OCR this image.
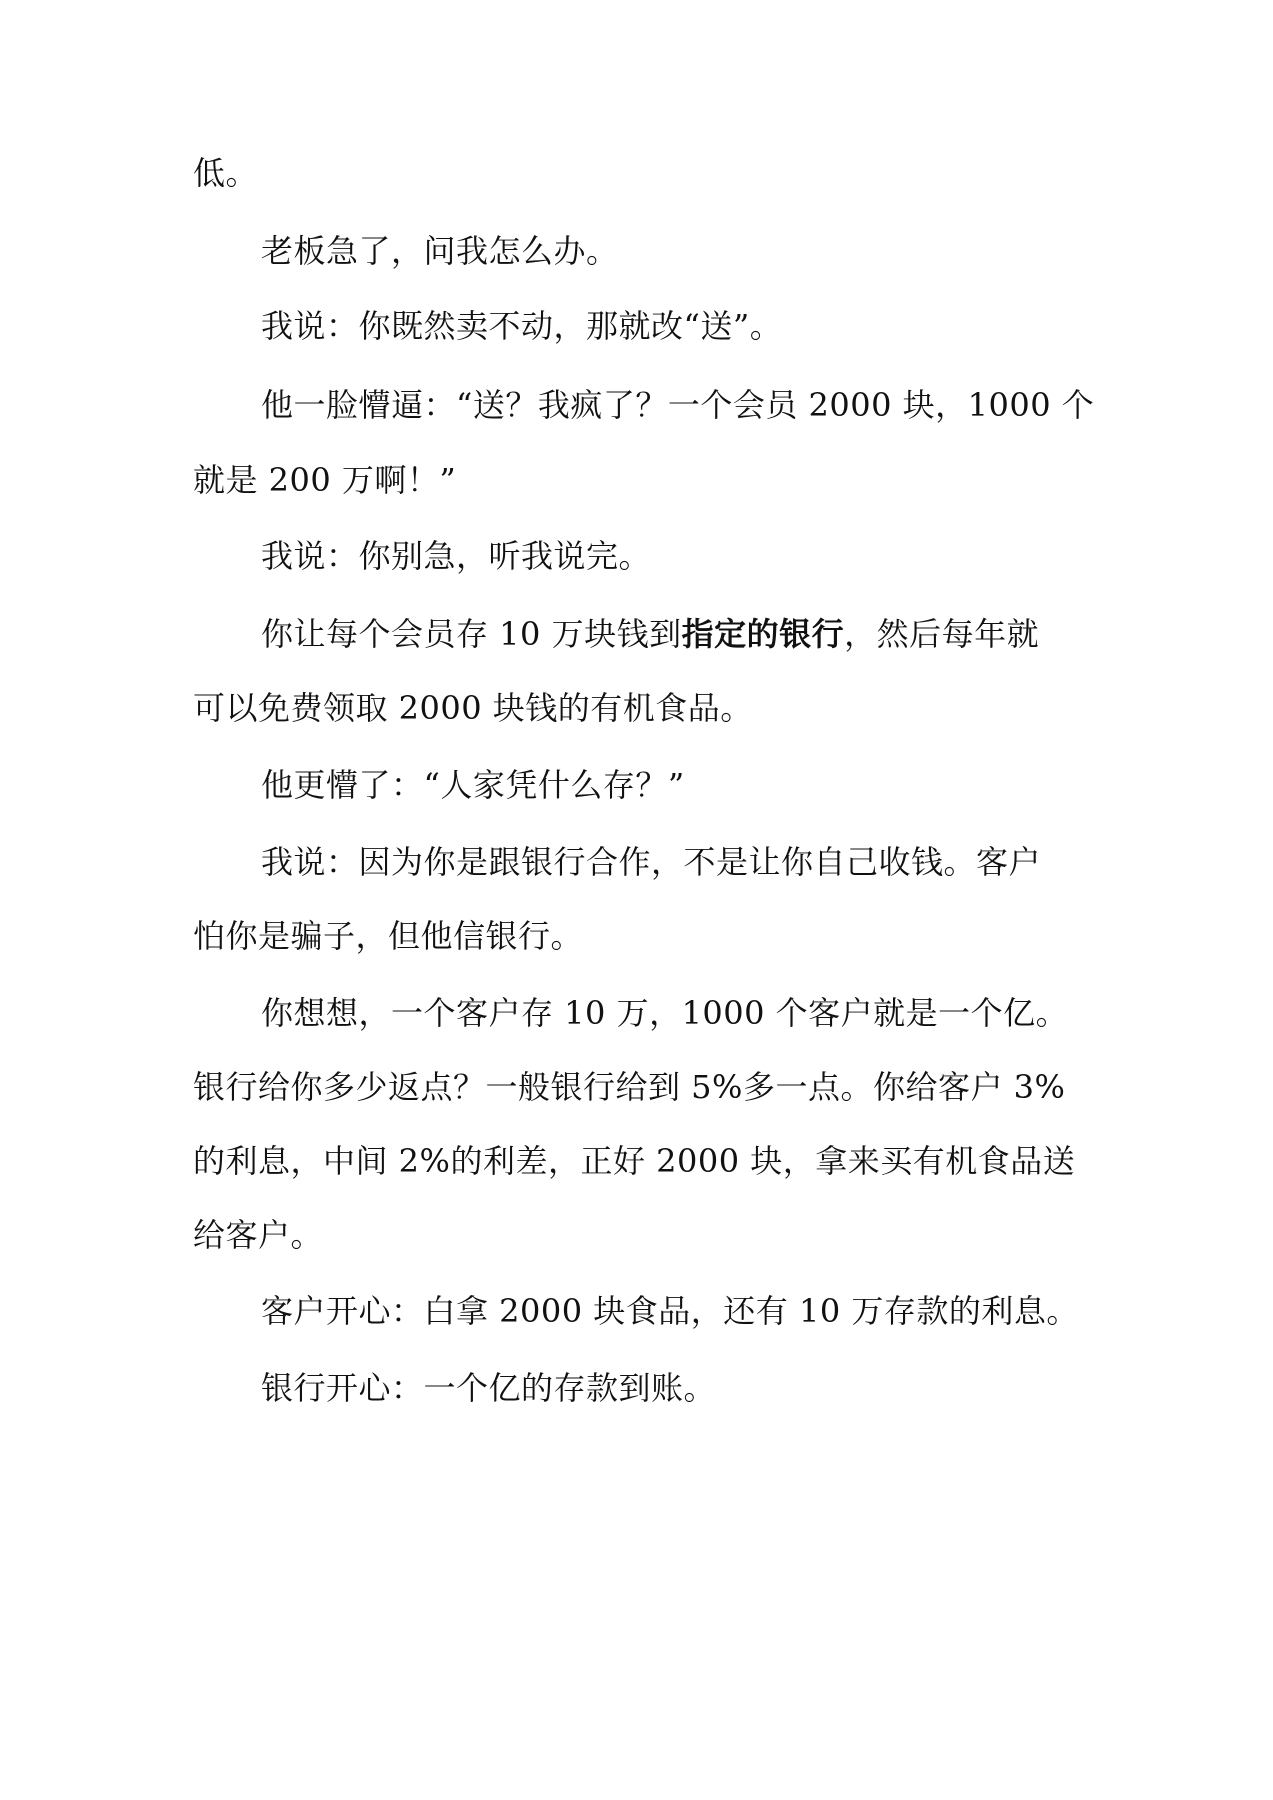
低。
老板急了，问我怎么办。
我说：你既然卖不动，那就改“送”。
他一脸懵逼：“送？我疯了？一个会员 2000 块，1000 个
就是 200 万啊！”
我说：你别急，听我说完。
你让每个会员存 10 万块钱到指定的银行，然后每年就
可以免费领取 2000 块钱的有机食品。
他更懵了：“人家凭什么存？”
我说：因为你是跟银行合作，不是让你自己收钱。客户
怕你是骗子，但他信银行。
你想想，一个客户存 10 万，1000 个客户就是一个亿。
银行给你多少返点？一般银行给到 5%多一点。你给客户 3%
的利息，中间 2%的利差，正好 2000 块，拿来买有机食品送
给客户。
客户开心：白拿 2000 块食品，还有 10 万存款的利息。
银行开心：一个亿的存款到账。
